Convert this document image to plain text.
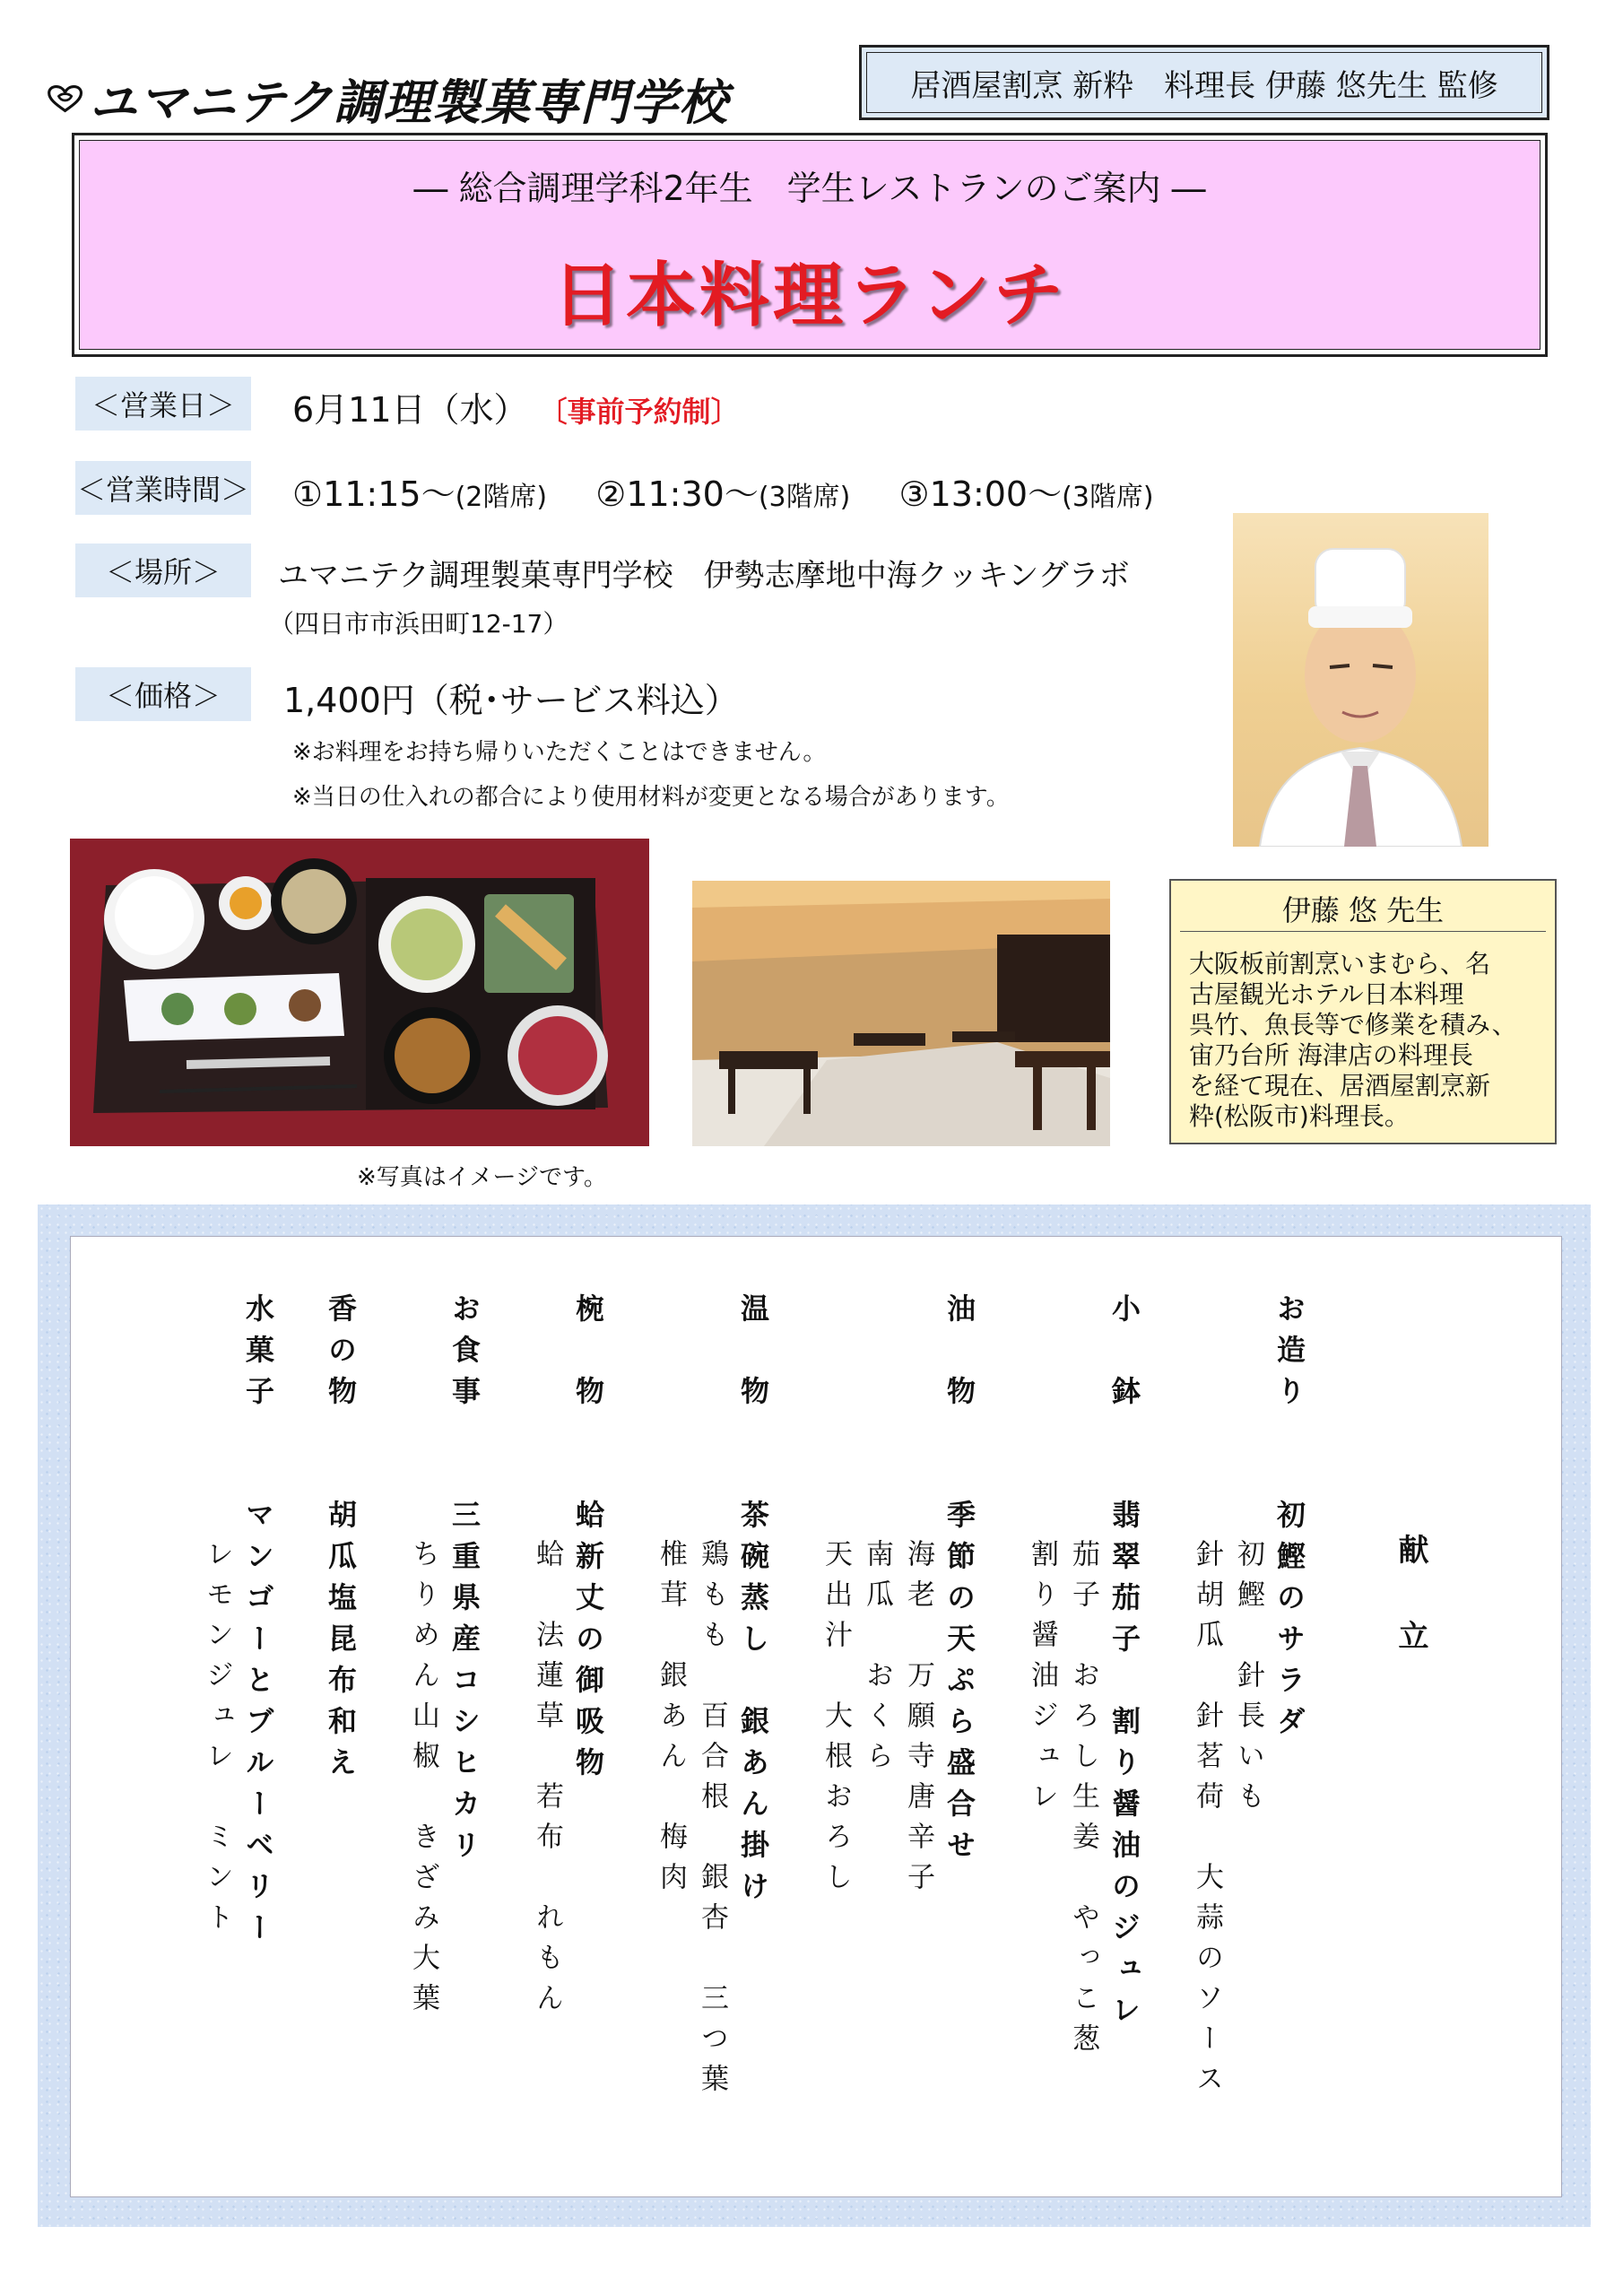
ユマニテク調理製菓専門学校	居酒屋割烹 新粋　料理長 伊藤 悠先生 監修
― 総合調理学科2年生　学生レストランのご案内 ―
日本料理ランチ
＜営業日＞	6月11日（水） 〔事前予約制〕
＜営業時間＞ ①11:15～(2階席) ②11:30～(3階席) ③13:00～(3階席)
＜場所＞	ユマニテク調理製菓専門学校　伊勢志摩地中海クッキングラボ
（四日市市浜田町12-17）
＜価格＞	1,400円（税･サービス料込）
※お料理をお持ち帰りいただくことはできません。
※当日の仕入れの都合により使用材料が変更となる場合があります。
※写真はイメージです。
伊藤 悠 先生
大阪板前割烹いまむら、名
古屋観光ホテル日本料理
呉竹、魚長等で修業を積み、
宙乃台所 海津店の料理長
を経て現在、居酒屋割烹新
粋(松阪市)料理長。
献　立
お造り
初鰹のサラダ
初鰹　針長いも
針胡瓜　針茗荷　大蒜のソース
小　鉢
翡翠茄子　割り醤油のジュレ
茄子　おろし生姜　やっこ葱
割り醤油ジュレ
油　物
季節の天ぷら盛合せ
海老　万願寺唐辛子
南瓜　おくら
天出汁　大根おろし
温　物
茶碗蒸し　銀あん掛け
鶏もも　百合根　銀杏　三つ葉
椎茸　銀あん　梅肉
椀　物
蛤新丈の御吸物
蛤　法蓮草　若布　れもん
お食事
三重県産コシヒカリ
ちりめん山椒　きざみ大葉
香の物
胡瓜塩昆布和え
水菓子
マンゴーとブルーベリー
レモンジュレ　ミント
